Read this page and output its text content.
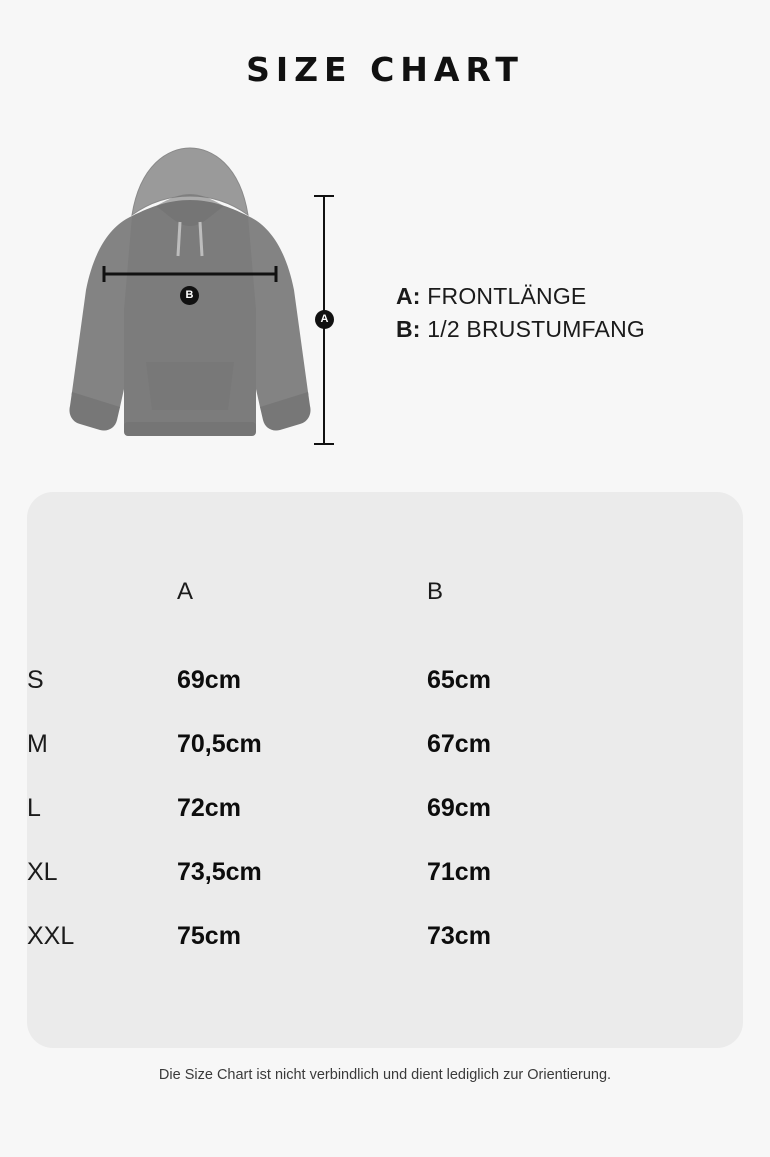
SIZE CHART
B
A
A: FRONTLÄNGE
B: 1/2 BRUSTUMFANG
	A	B
S	69cm	65cm
M	70,5cm	67cm
L	72cm	69cm
XL	73,5cm	71cm
XXL	75cm	73cm
Die Size Chart ist nicht verbindlich und dient lediglich zur Orientierung.
